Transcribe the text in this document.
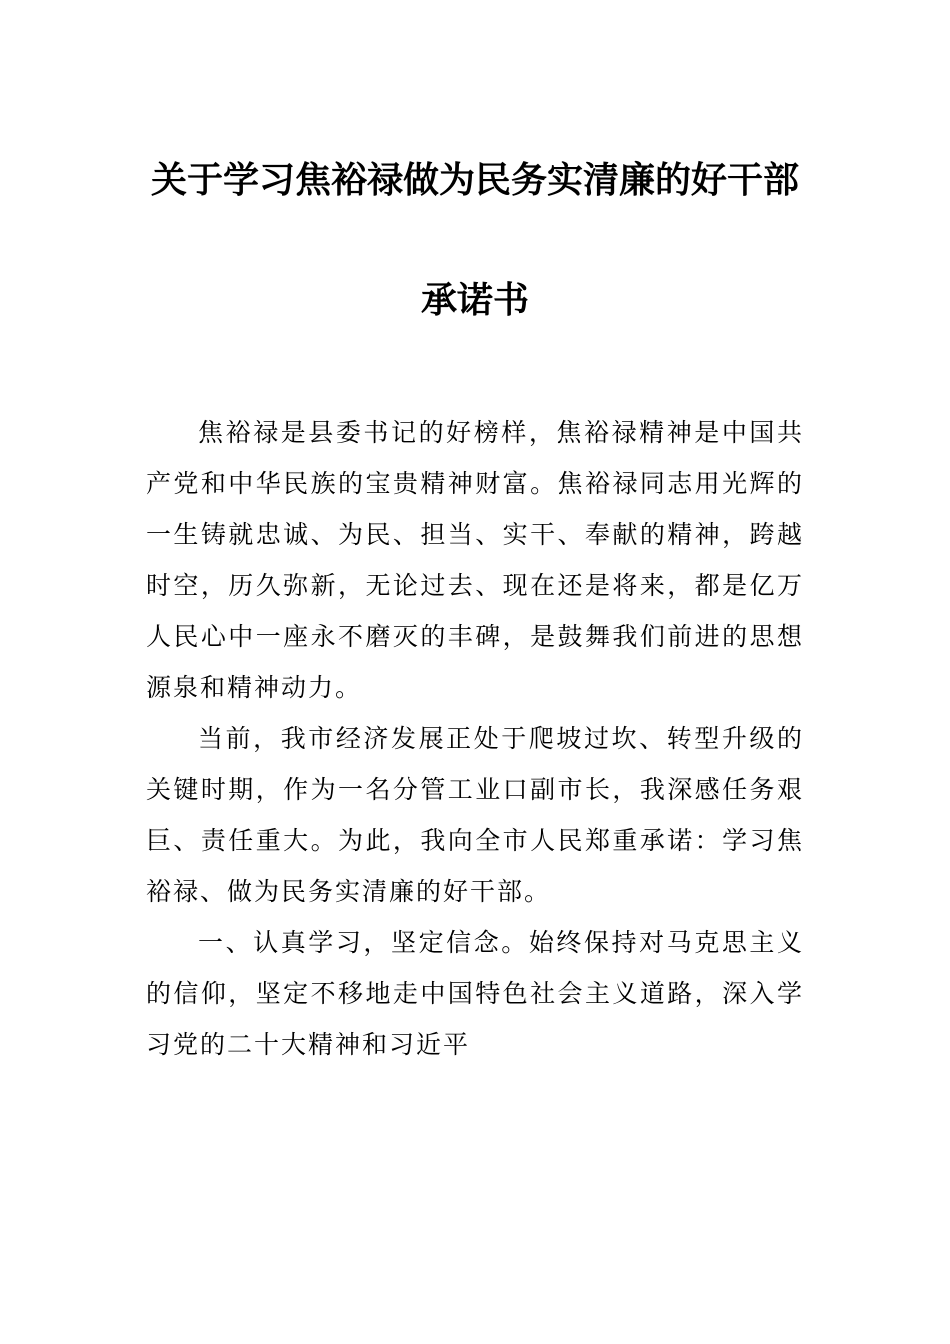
关于学习焦裕禄做为民务实清廉的好干部
承诺书

焦裕禄是县委书记的好榜样，焦裕禄精神是中国共产党和中华民族的宝贵精神财富。焦裕禄同志用光辉的一生铸就忠诚、为民、担当、实干、奉献的精神，跨越时空，历久弥新，无论过去、现在还是将来，都是亿万人民心中一座永不磨灭的丰碑，是鼓舞我们前进的思想源泉和精神动力。

当前，我市经济发展正处于爬坡过坎、转型升级的关键时期，作为一名分管工业口副市长，我深感任务艰巨、责任重大。为此，我向全市人民郑重承诺：学习焦裕禄、做为民务实清廉的好干部。

一、认真学习，坚定信念。始终保持对马克思主义的信仰，坚定不移地走中国特色社会主义道路，深入学习党的二十大精神和习近平
